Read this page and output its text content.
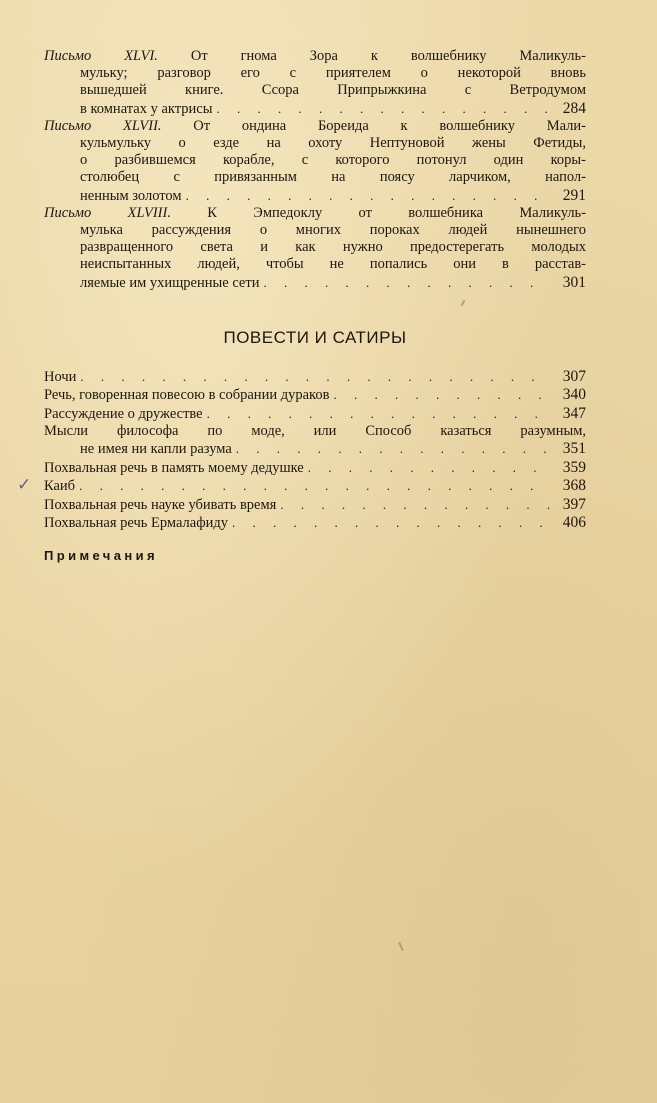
Письмо XLVI. От гнома Зора к волшебнику Маликуль-
мульку; разговор его с приятелем о некоторой вновь
вышедшей книге. Ссора Припрыжкина с Ветродумом
в комнатах у актрисы . . .	284
Письмо XLVII. От ондина Бореида к волшебнику Мали-
кульмульку о езде на охоту Нептуновой жены Фетиды,
о разбившемся корабле, с которого потонул один коры-
столюбец с привязанным на поясу ларчиком, напол-
ненным золотом . . .	291
Письмо XLVIII.	К Эмпедоклу от волшебника Маликуль-
мулька рассуждения о многих пороках людей нынешнего
развращенного света и как нужно предостерегать молодых
неиспытанных людей, чтобы не попались они в расстав-
ляемые им ухищренные сети . . .	301
ПОВЕСТИ И САТИРЫ
Ночи . . .	307
Речь, говоренная повесою в собрании дураков . . .	340
Рассуждение о дружестве . . .	347
Мысли философа по моде, или Способ казаться разумным,
не имея ни капли разума . . .	351
Похвальная речь в память моему дедушке . . .	359
✓ Каиб . . .	368
Похвальная речь науке убивать время . . .	397
Похвальная речь Ермалафиду . . .	406
Примечания
